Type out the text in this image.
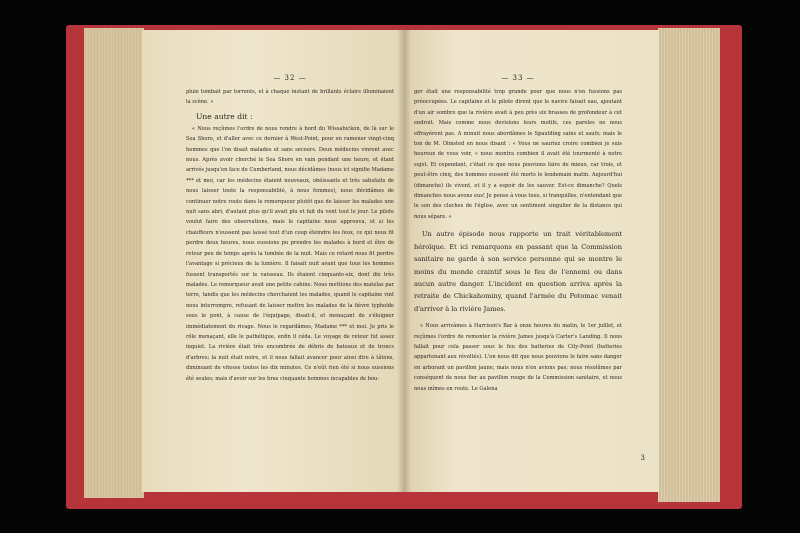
— 32 —

pluie tombait par torrents, et à chaque instant de brillants éclairs illuminaient la scène. »

Une autre dit :

« Nous reçûmes l'ordre de nous rendre à bord du Wissahickon, de là sur le Sea Shore, et d'aller avec ce dernier à West-Point, pour en ramener vingt-cinq hommes que l'on disait malades et sans secours. Deux médecins vinrent avec nous. Après avoir cherché le Sea Shore en vain pendant une heure, et étant arrivés jusqu'en face de Cumberland, nous décidâmes (nous ici signifie Madame *** et moi, car les médecins étaient nouveaux, obéissants et très satisfaits de nous laisser toute la responsabilité, à nous femmes), nous décidâmes de continuer notre route dans le remorqueur plutôt que de laisser les malades une nuit sans abri, d'autant plus qu'il avait plu et fait du vent tout le jour. Le pilote voulut faire des observations, mais le capitaine nous approuva, et si les chauffeurs n'eussent pas laissé tout d'un coup éteindre les feux, ce qui nous fit perdre deux heures, nous eussions pu prendre les malades à bord et être de retour peu de temps après la tombée de la nuit. Mais ce retard nous fit perdre l'avantage si précieux de la lumière. Il faisait nuit avant que tous les hommes fussent transportés sur le vaisseau. Ils étaient cinquante-six, dont dix très malades. Le remorqueur avait une petite cabine. Nous mettions des matelas par terre, tandis que les médecins cherchaient les malades, quand le capitaine vint nous interrompre, refusant de laisser mettre les malades de la fièvre typhoïde sous le pont, à cause de l'équipage, disait-il, et menaçant de s'éloigner immédiatement du rivage. Nous le regardâmes, Madame *** et moi. Je pris le rôle menaçant, elle le pathétique, enfin il céda. Le voyage de retour fut assez inquiet. La rivière était très encombrée de débris de bateaux et de troncs d'arbres; la nuit était noire, et il nous fallait avancer pour ainsi dire à tâtons, diminuant de vitesse toutes les dix minutes. Ce n'eût rien été si nous eussions été seules; mais d'avoir sur les bras cinquante hommes incapables de bou-

— 33 —

ger était une responsabilité trop grande pour que nous n'en fussions pas préoccupées. Le capitaine et le pilote dirent que le navire faisait eau, ajoutant d'un air sombre que la rivière avait à peu près six brasses de profondeur à cet endroit. Mais comme nous devisions leurs motifs, ces paroles ne nous effrayèrent pas. A minuit nous abordâmes le Spaulding sains et saufs; mais le ton de M. Olmsted en nous disant : « Vous ne sauriez croire combien je suis heureux de vous voir, » nous montra combien il avait été tourmenté à notre sujet. Et cependant, c'était ce que nous pouvions faire de mieux, car trois, et peut-être cinq, des hommes eussent été morts le lendemain matin. Aujourd'hui (dimanche) ils vivent, et il y a espoir de les sauver. Est-ce dimanche? Quels dimanches nous avons eus! Je pense à vous tous, si tranquilles, n'entendant que le son des cloches de l'église, avec un sentiment singulier de la distance qui nous sépare. »

Un autre épisode nous rapporte un trait véritablement héroïque. Et ici remarquons en passant que la Commission sanitaire ne garde à son service personne qui se montre le moins du monde craintif sous le feu de l'ennemi ou dans aucun autre danger. L'incident en question arriva après la retraite de Chickahominy, quand l'armée du Potomac venait d'arriver à la rivière James.

« Nous arrivâmes à Harrison's Bar à onze heures du matin, le 1er juillet, et reçûmes l'ordre de remonter la rivière James jusqu'à Carter's Landing. Il nous fallait pour cela passer sous le feu des batteries de City-Point (batteries appartenant aux révoltés). L'on nous dit que nous pouvions le faire sans danger en arborant un pavillon jaune; mais nous n'en avions pas; nous résolûmes par conséquent de nous fier au pavillon rouge de la Commission sanitaire, et nous nous mîmes en route. Le Galena

3
